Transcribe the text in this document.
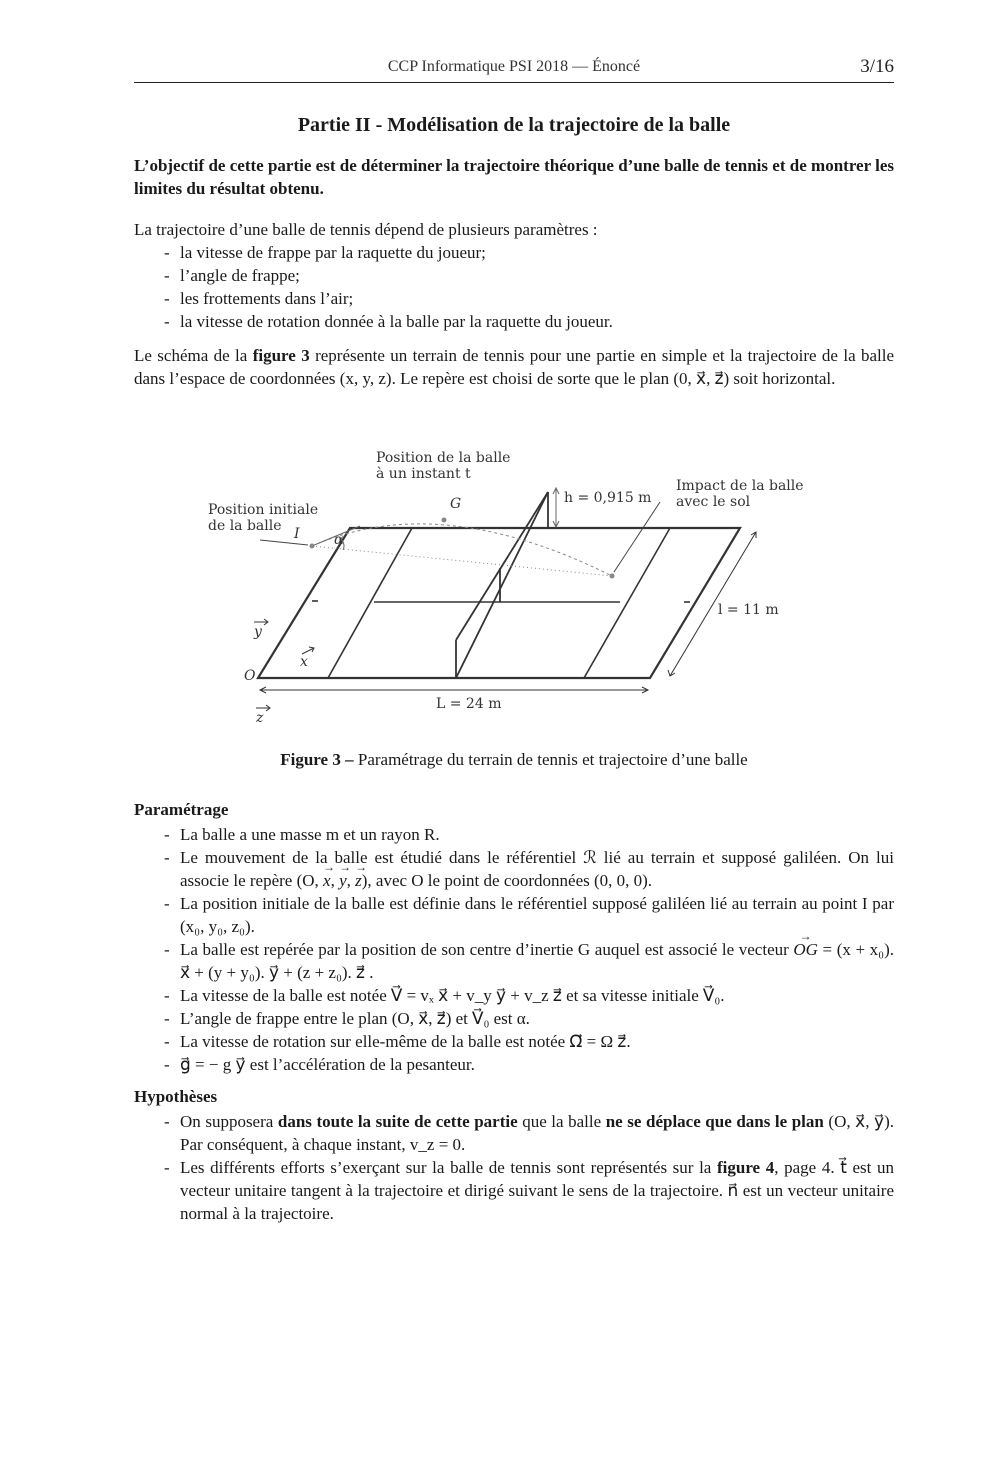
CCP Informatique PSI 2018 — Énoncé	3/16
Partie II - Modélisation de la trajectoire de la balle
L’objectif de cette partie est de déterminer la trajectoire théorique d’une balle de tennis et de montrer les limites du résultat obtenu.
La trajectoire d’une balle de tennis dépend de plusieurs paramètres :
- la vitesse de frappe par la raquette du joueur;
- l’angle de frappe;
- les frottements dans l’air;
- la vitesse de rotation donnée à la balle par la raquette du joueur.
Le schéma de la figure 3 représente un terrain de tennis pour une partie en simple et la trajectoire de la balle dans l’espace de coordonnées (x, y, z). Le repère est choisi de sorte que le plan (0, x⃗, z⃗) soit horizontal.
Position de la balle
à un instant t
G	h = 0,915 m
Impact de la balle
avec le sol
Position initiale
de la balle I α
l = 11 m
y
x
O
z
L = 24 m
Figure 3 – Paramétrage du terrain de tennis et trajectoire d’une balle
Paramétrage
- La balle a une masse m et un rayon R.
- Le mouvement de la balle est étudié dans le référentiel ℛ lié au terrain et supposé galiléen. On lui associe le repère (O, x →, y →, z →), avec O le point de coordonnées (0, 0, 0).
- La position initiale de la balle est définie dans le référentiel supposé galiléen lié au terrain au point I par (x₀, y₀, z₀).
- La balle est repérée par la position de son centre d’inertie G auquel est associé le vecteur OG → = (x + x₀). x⃗ + (y + y₀). y⃗ + (z + z₀). z⃗ .
- La vitesse de la balle est notée V⃗ = vₓ x⃗ + v_y y⃗ + v_z z⃗ et sa vitesse initiale V⃗₀.
- L’angle de frappe entre le plan (O, x⃗, z⃗) et V⃗₀ est α.
- La vitesse de rotation sur elle-même de la balle est notée Ω⃗ = Ω z⃗.
- g⃗ = − g y⃗ est l’accélération de la pesanteur.
Hypothèses
- On supposera dans toute la suite de cette partie que la balle ne se déplace que dans le plan (O, x⃗, y⃗). Par conséquent, à chaque instant, v_z = 0.
- Les différents efforts s’exerçant sur la balle de tennis sont représentés sur la figure 4, page 4. t⃗ est un vecteur unitaire tangent à la trajectoire et dirigé suivant le sens de la trajectoire. n⃗ est un vecteur unitaire normal à la trajectoire.
